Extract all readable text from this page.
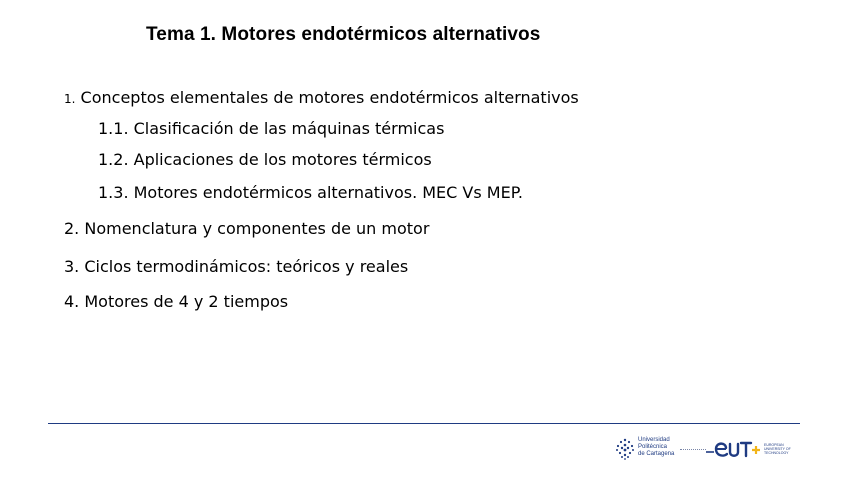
Tema 1. Motores endotérmicos alternativos
1. Conceptos elementales de motores endotérmicos alternativos
1.1. Clasificación de las máquinas térmicas
1.2. Aplicaciones de los motores térmicos
1.3. Motores endotérmicos alternativos. MEC Vs MEP.
2. Nomenclatura y componentes de un motor
3. Ciclos termodinámicos: teóricos y reales
4. Motores de 4 y 2 tiempos
Universidad
Politécnica
de Cartagena
EUROPEAN
UNIVERSITY OF
TECHNOLOGY
